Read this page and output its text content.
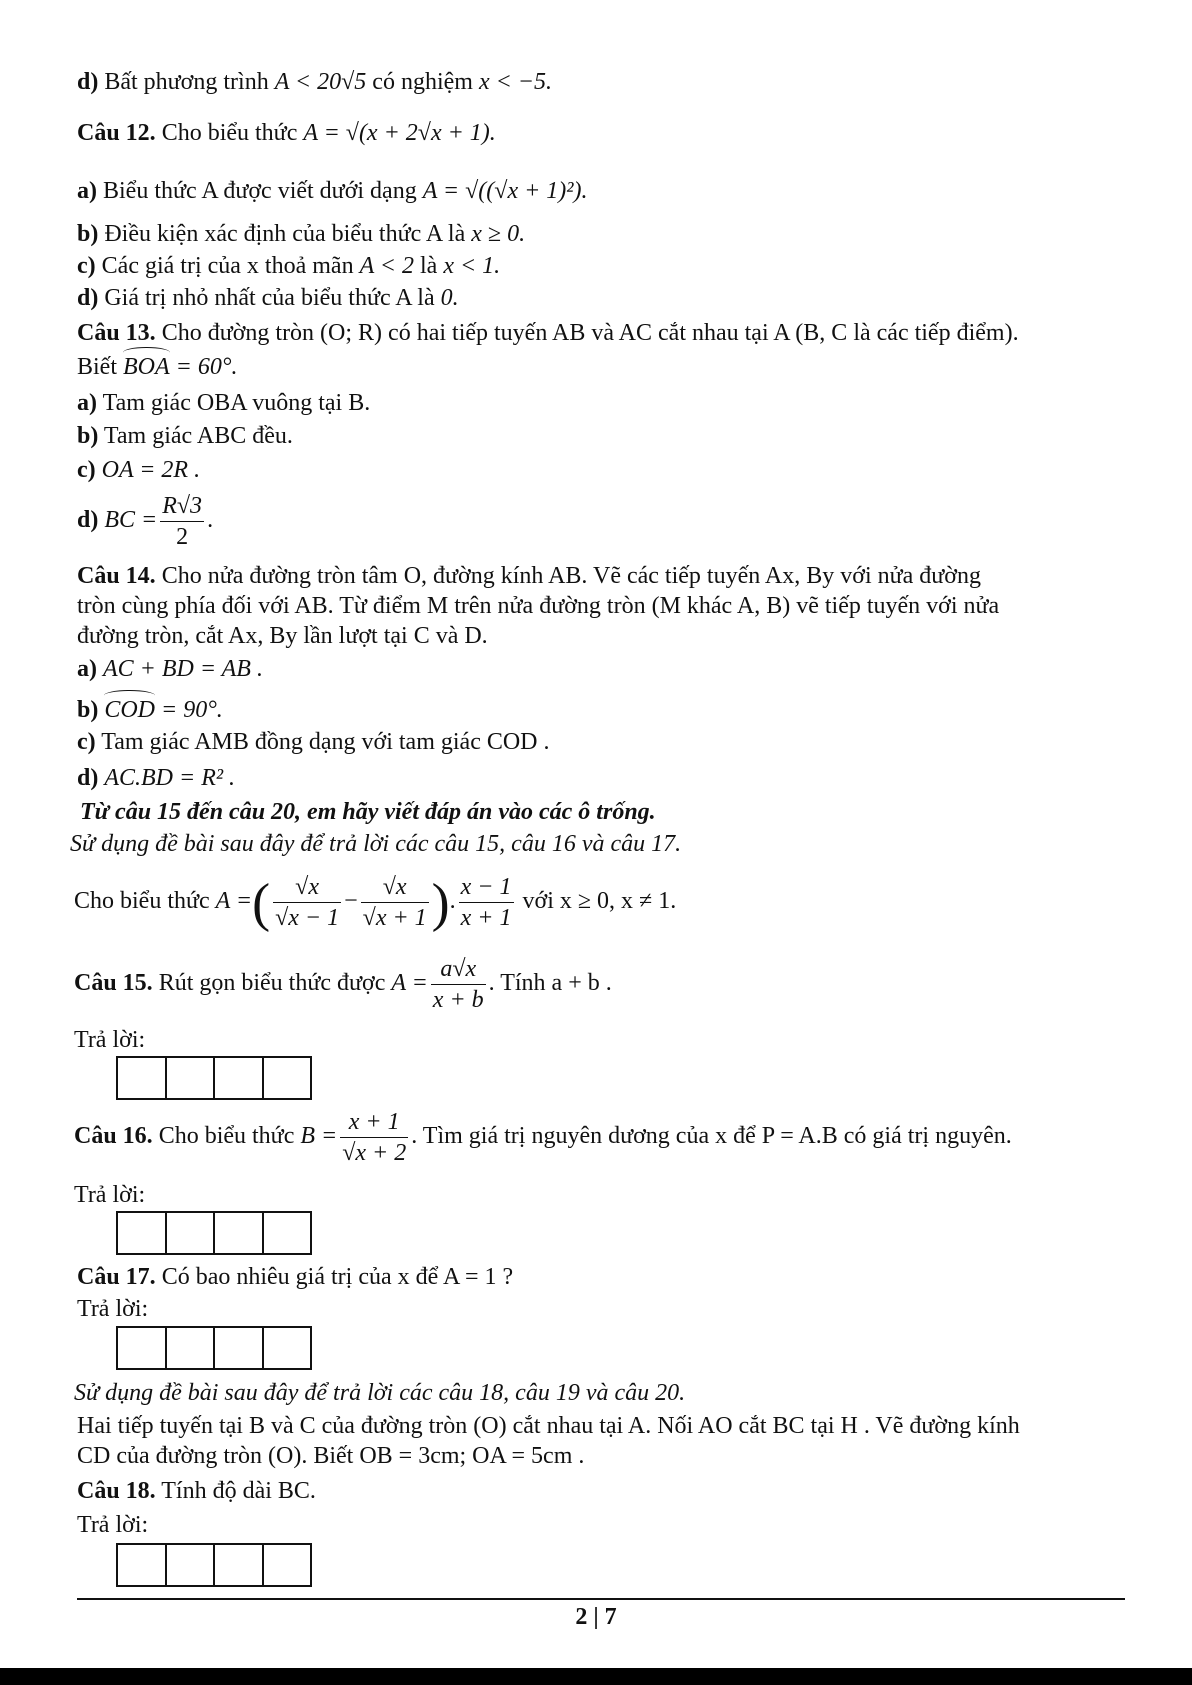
d) Bất phương trình A < 20√5 có nghiệm x < −5.
Câu 12. Cho biểu thức A = √(x + 2√x + 1).
a) Biểu thức A được viết dưới dạng A = √((√x + 1)²).
b) Điều kiện xác định của biểu thức A là x ≥ 0.
c) Các giá trị của x thoả mãn A < 2 là x < 1.
d) Giá trị nhỏ nhất của biểu thức A là 0.
Câu 13. Cho đường tròn (O; R) có hai tiếp tuyến AB và AC cắt nhau tại A (B, C là các tiếp điểm).
Biết BOA = 60°.
a) Tam giác OBA vuông tại B.
b) Tam giác ABC đều.
c) OA = 2R .
d) BC = $\frac{R√3}{2}$ .
Câu 14. Cho nửa đường tròn tâm O, đường kính AB. Vẽ các tiếp tuyến Ax, By với nửa đường
tròn cùng phía đối với AB. Từ điểm M trên nửa đường tròn (M khác A, B) vẽ tiếp tuyến với nửa
đường tròn, cắt Ax, By lần lượt tại C và D.
a) AC + BD = AB .
b) COD = 90°.
c) Tam giác AMB đồng dạng với tam giác COD .
d) AC.BD = R² .
Từ câu 15 đến câu 20, em hãy viết đáp án vào các ô trống.
Sử dụng đề bài sau đây để trả lời các câu 15, câu 16 và câu 17.
Cho biểu thức A =( $\frac{√x}{√x - 1} - \frac{√x}{√x + 1}$ ). $\frac{x - 1}{x + 1}$ với x ≥ 0, x ≠ 1.
Câu 15. Rút gọn biểu thức được $A = \frac{a√x}{x + b}$ . Tính a + b .
Trả lời:
Câu 16. Cho biểu thức $B = \frac{x + 1}{√x + 2}$ . Tìm giá trị nguyên dương của x để P = A.B có giá trị nguyên.
Trả lời:
Câu 17. Có bao nhiêu giá trị của x để A = 1 ?
Trả lời:
Sử dụng đề bài sau đây để trả lời các câu 18, câu 19 và câu 20.
Hai tiếp tuyến tại B và C của đường tròn (O) cắt nhau tại A. Nối AO cắt BC tại H . Vẽ đường kính
CD của đường tròn (O). Biết OB = 3cm; OA = 5cm .
Câu 18. Tính độ dài BC.
Trả lời:
2 | 7
